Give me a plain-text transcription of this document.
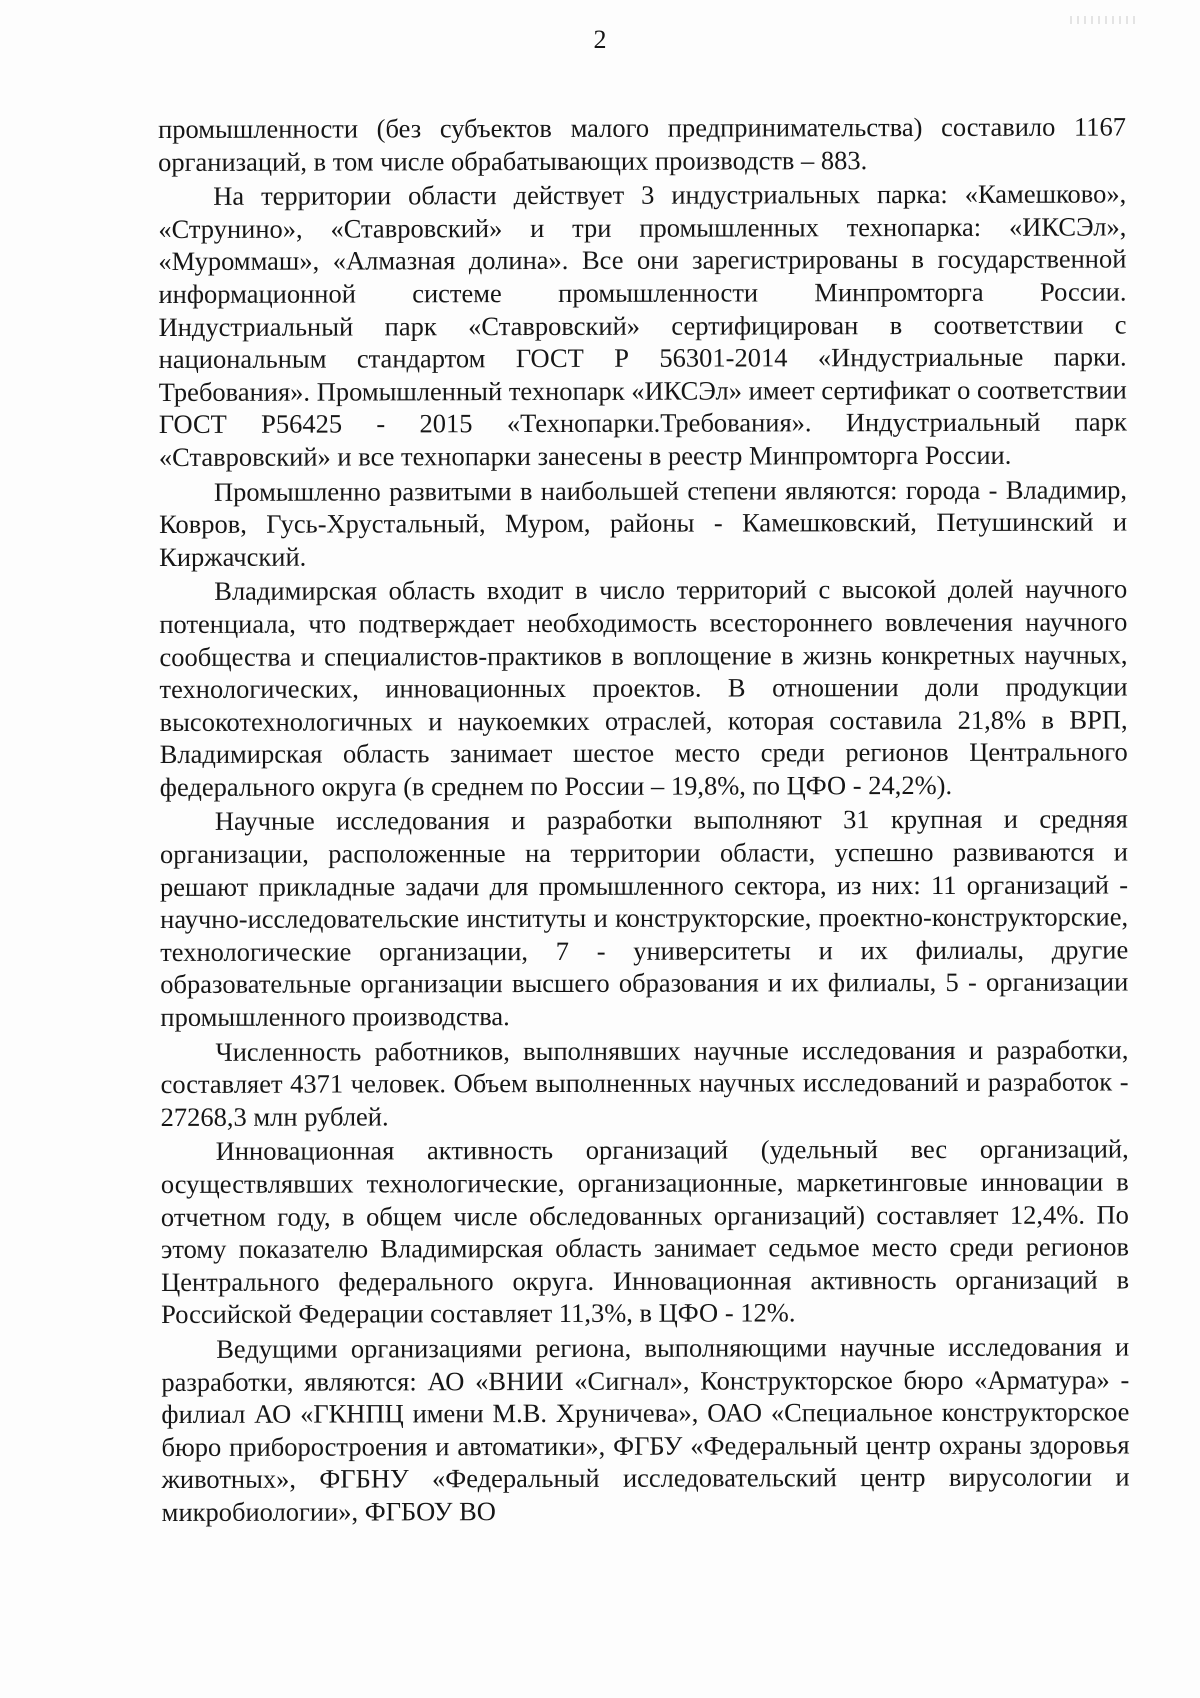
2

промышленности (без субъектов малого предпринимательства) составило 1167 организаций, в том числе обрабатывающих производств – 883.

На территории области действует 3 индустриальных парка: «Камешково», «Струнино», «Ставровский» и три промышленных технопарка: «ИКСЭл», «Муроммаш», «Алмазная долина». Все они зарегистрированы в государственной информационной системе промышленности Минпромторга России. Индустриальный парк «Ставровский» сертифицирован в соответствии с национальным стандартом ГОСТ Р 56301-2014 «Индустриальные парки. Требования». Промышленный технопарк «ИКСЭл» имеет сертификат о соответствии ГОСТ Р56425 - 2015 «Технопарки.Требования». Индустриальный парк «Ставровский» и все технопарки занесены в реестр Минпромторга России.

Промышленно развитыми в наибольшей степени являются: города - Владимир, Ковров, Гусь-Хрустальный, Муром, районы - Камешковский, Петушинский и Киржачский.

Владимирская область входит в число территорий с высокой долей научного потенциала, что подтверждает необходимость всестороннего вовлечения научного сообщества и специалистов-практиков в воплощение в жизнь конкретных научных, технологических, инновационных проектов. В отношении доли продукции высокотехнологичных и наукоемких отраслей, которая составила 21,8% в ВРП, Владимирская область занимает шестое место среди регионов Центрального федерального округа (в среднем по России – 19,8%, по ЦФО - 24,2%).

Научные исследования и разработки выполняют 31 крупная и средняя организации, расположенные на территории области, успешно развиваются и решают прикладные задачи для промышленного сектора, из них: 11 организаций - научно-исследовательские институты и конструкторские, проектно-конструкторские, технологические организации, 7 - университеты и их филиалы, другие образовательные организации высшего образования и их филиалы, 5 - организации промышленного производства.

Численность работников, выполнявших научные исследования и разработки, составляет 4371 человек. Объем выполненных научных исследований и разработок - 27268,3 млн рублей.

Инновационная активность организаций (удельный вес организаций, осуществлявших технологические, организационные, маркетинговые инновации в отчетном году, в общем числе обследованных организаций) составляет 12,4%. По этому показателю Владимирская область занимает седьмое место среди регионов Центрального федерального округа. Инновационная активность организаций в Российской Федерации составляет 11,3%, в ЦФО - 12%.

Ведущими организациями региона, выполняющими научные исследования и разработки, являются: АО «ВНИИ «Сигнал», Конструкторское бюро «Арматура» - филиал АО «ГКНПЦ имени М.В. Хруничева», ОАО «Специальное конструкторское бюро приборостроения и автоматики», ФГБУ «Федеральный центр охраны здоровья животных», ФГБНУ «Федеральный исследовательский центр вирусологии и микробиологии», ФГБОУ ВО
